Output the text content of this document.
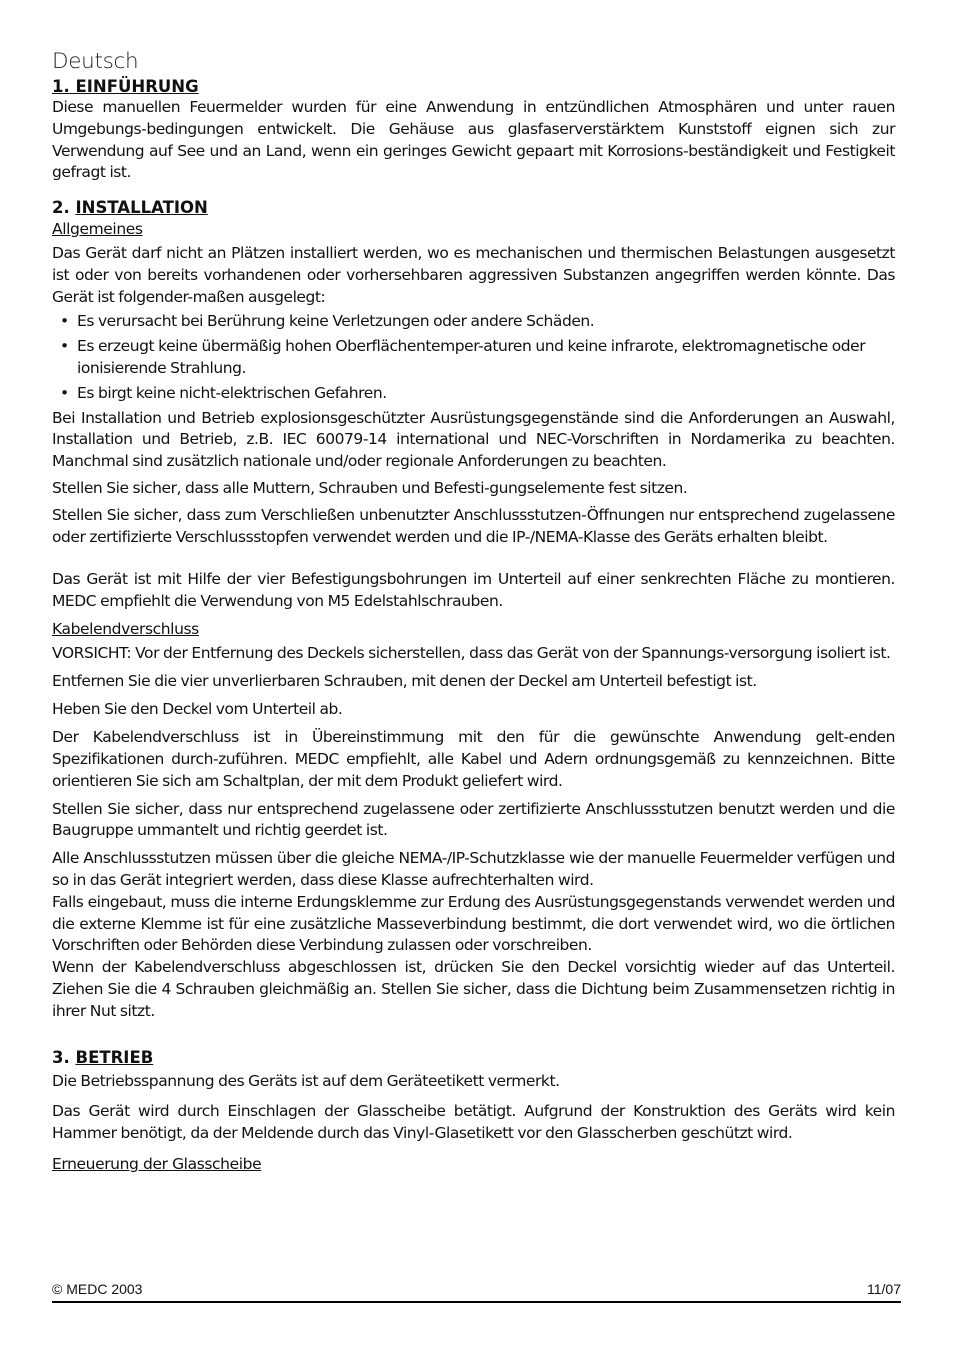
Deutsch
1. EINFÜHRUNG

Diese manuellen Feuermelder wurden für eine Anwendung in entzündlichen Atmosphären und unter rauen Umgebungs-bedingungen entwickelt. Die Gehäuse aus glasfaserverstärktem Kunststoff eignen sich zur Verwendung auf See und an Land, wenn ein geringes Gewicht gepaart mit Korrosions-beständigkeit und Festigkeit gefragt ist.

2. INSTALLATION
Allgemeines

Das Gerät darf nicht an Plätzen installiert werden, wo es mechanischen und thermischen Belastungen ausgesetzt ist oder von bereits vorhandenen oder vorhersehbaren aggressiven Substanzen angegriffen werden könnte. Das Gerät ist folgender-maßen ausgelegt:

• Es verursacht bei Berührung keine Verletzungen oder andere Schäden.
• Es erzeugt keine übermäßig hohen Oberflächentemper-aturen und keine infrarote, elektromagnetische oder ionisierende Strahlung.
• Es birgt keine nicht-elektrischen Gefahren.

Bei Installation und Betrieb explosionsgeschützter Ausrüstungsgegenstände sind die Anforderungen an Auswahl, Installation und Betrieb, z.B. IEC 60079-14 international und NEC-Vorschriften in Nordamerika zu beachten. Manchmal sind zusätzlich nationale und/oder regionale Anforderungen zu beachten.

Stellen Sie sicher, dass alle Muttern, Schrauben und Befesti-gungselemente fest sitzen.

Stellen Sie sicher, dass zum Verschließen unbenutzter Anschlussstutzen-Öffnungen nur entsprechend zugelassene oder zertifizierte Verschlussstopfen verwendet werden und die IP-/NEMA-Klasse des Geräts erhalten bleibt.

Das Gerät ist mit Hilfe der vier Befestigungsbohrungen im Unterteil auf einer senkrechten Fläche zu montieren. MEDC empfiehlt die Verwendung von M5 Edelstahlschrauben.

Kabelendverschluss

VORSICHT: Vor der Entfernung des Deckels sicherstellen, dass das Gerät von der Spannungs-versorgung isoliert ist.

Entfernen Sie die vier unverlierbaren Schrauben, mit denen der Deckel am Unterteil befestigt ist.

Heben Sie den Deckel vom Unterteil ab.

Der Kabelendverschluss ist in Übereinstimmung mit den für die gewünschte Anwendung gelt-enden Spezifikationen durch-zuführen. MEDC empfiehlt, alle Kabel und Adern ordnungsgemäß zu kennzeichnen. Bitte orientieren Sie sich am Schaltplan, der mit dem Produkt geliefert wird.

Stellen Sie sicher, dass nur entsprechend zugelassene oder zertifizierte Anschlussstutzen benutzt werden und die Baugruppe ummantelt und richtig geerdet ist.

Alle Anschlussstutzen müssen über die gleiche NEMA-/IP-Schutzklasse wie der manuelle Feuermelder verfügen und so in das Gerät integriert werden, dass diese Klasse aufrechterhalten wird.

Falls eingebaut, muss die interne Erdungsklemme zur Erdung des Ausrüstungsgegenstands verwendet werden und die externe Klemme ist für eine zusätzliche Masseverbindung bestimmt, die dort verwendet wird, wo die örtlichen Vorschriften oder Behörden diese Verbindung zulassen oder vorschreiben.

Wenn der Kabelendverschluss abgeschlossen ist, drücken Sie den Deckel vorsichtig wieder auf das Unterteil. Ziehen Sie die 4 Schrauben gleichmäßig an. Stellen Sie sicher, dass die Dichtung beim Zusammensetzen richtig in ihrer Nut sitzt.

3. BETRIEB

Die Betriebsspannung des Geräts ist auf dem Geräteetikett vermerkt.

Das Gerät wird durch Einschlagen der Glasscheibe betätigt. Aufgrund der Konstruktion des Geräts wird kein Hammer benötigt, da der Meldende durch das Vinyl-Glasetikett vor den Glasscherben geschützt wird.

Erneuerung der Glasscheibe
© MEDC 2003	11/07
